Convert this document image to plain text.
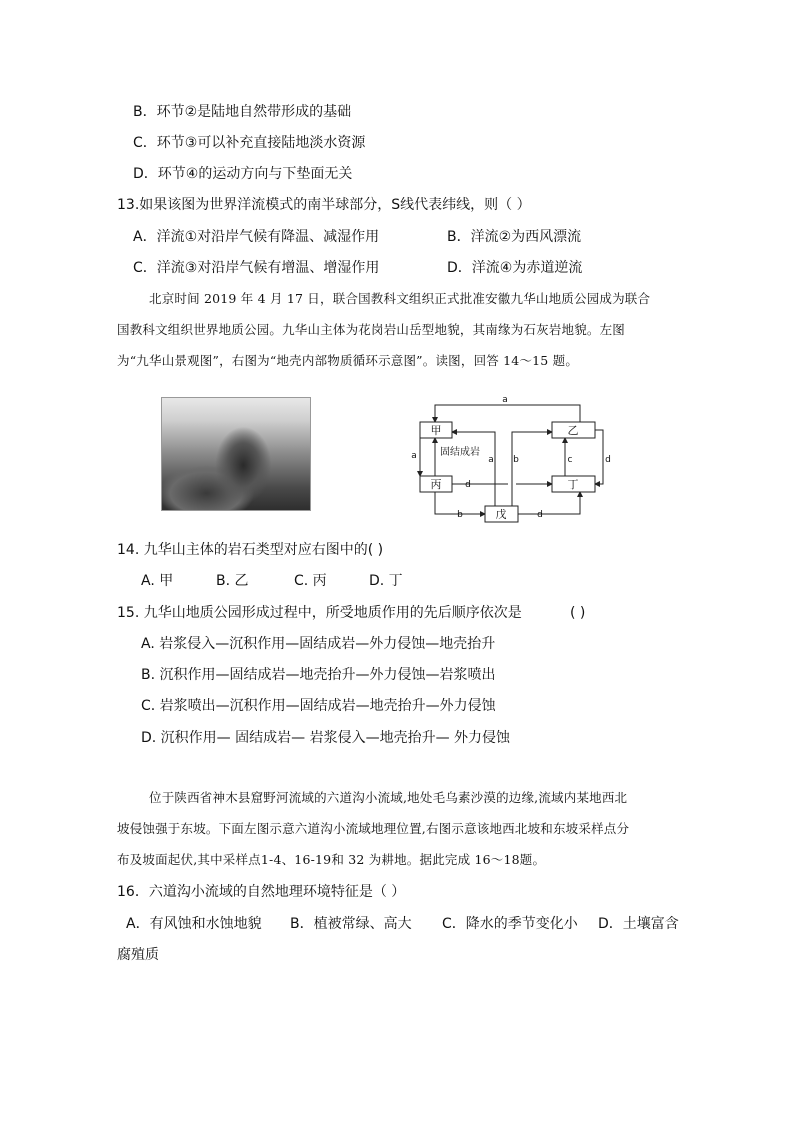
B．环节②是陆地自然带形成的基础
C．环节③可以补充直接陆地淡水资源
D．环节④的运动方向与下垫面无关
13.如果该图为世界洋流模式的南半球部分，S线代表纬线，则（ ）
A．洋流①对沿岸气候有降温、减湿作用	B．洋流②为西风漂流
C．洋流③对沿岸气候有增温、增湿作用	D．洋流④为赤道逆流
北京时间 2019 年 4 月 17 日，联合国教科文组织正式批准安徽九华山地质公园成为联合
国教科文组织世界地质公园。九华山主体为花岗岩山岳型地貌，其南缘为石灰岩地貌。左图
为“九华山景观图”，右图为“地壳内部物质循环示意图”。读图，回答 14～15 题。
甲	乙
丙	丁
戊
固结成岩
a
a	a b	c	d
d
b	d
14. 九华山主体的岩石类型对应右图中的( )
A. 甲	B. 乙	C. 丙	D. 丁
15. 九华山地质公园形成过程中，所受地质作用的先后顺序依次是	( )
A. 岩浆侵入—沉积作用—固结成岩—外力侵蚀—地壳抬升
B. 沉积作用—固结成岩—地壳抬升—外力侵蚀—岩浆喷出
C. 岩浆喷出—沉积作用—固结成岩—地壳抬升—外力侵蚀
D. 沉积作用— 固结成岩— 岩浆侵入—地壳抬升— 外力侵蚀
位于陕西省神木县窟野河流域的六道沟小流域,地处毛乌素沙漠的边缘,流域内某地西北
坡侵蚀强于东坡。下面左图示意六道沟小流域地理位置,右图示意该地西北坡和东坡采样点分
布及坡面起伏,其中采样点1-4、16-19和 32 为耕地。据此完成 16～18题。
16．六道沟小流域的自然地理环境特征是（ ）
A．有风蚀和水蚀地貌 B．植被常绿、高大 C．降水的季节变化小 D．土壤富含
腐殖质
